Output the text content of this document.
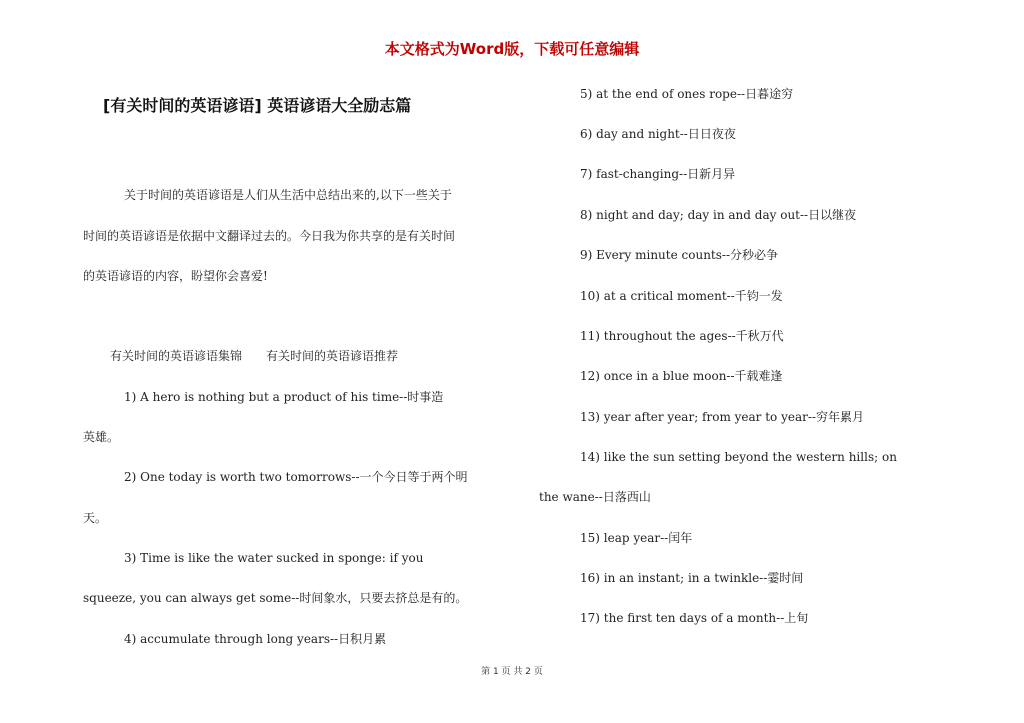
本文格式为Word版，下载可任意编辑
[有关时间的英语谚语] 英语谚语大全励志篇
关于时间的英语谚语是人们从生活中总结出来的,以下一些关于
时间的英语谚语是依据中文翻译过去的。今日我为你共享的是有关时间
的英语谚语的内容，盼望你会喜爱!
有关时间的英语谚语集锦　　有关时间的英语谚语推荐
1) A hero is nothing but a product of his time--时事造
英雄。
2) One today is worth two tomorrows--一个今日等于两个明
天。
3) Time is like the water sucked in sponge: if you
squeeze, you can always get some--时间象水，只要去挤总是有的。
4) accumulate through long years--日积月累
5) at the end of ones rope--日暮途穷
6) day and night--日日夜夜
7) fast-changing--日新月异
8) night and day; day in and day out--日以继夜
9) Every minute counts--分秒必争
10) at a critical moment--千钧一发
11) throughout the ages--千秋万代
12) once in a blue moon--千载难逢
13) year after year; from year to year--穷年累月
14) like the sun setting beyond the western hills; on
the wane--日落西山
15) leap year--闰年
16) in an instant; in a twinkle--霎时间
17) the first ten days of a month--上旬
第 1 页 共 2 页
